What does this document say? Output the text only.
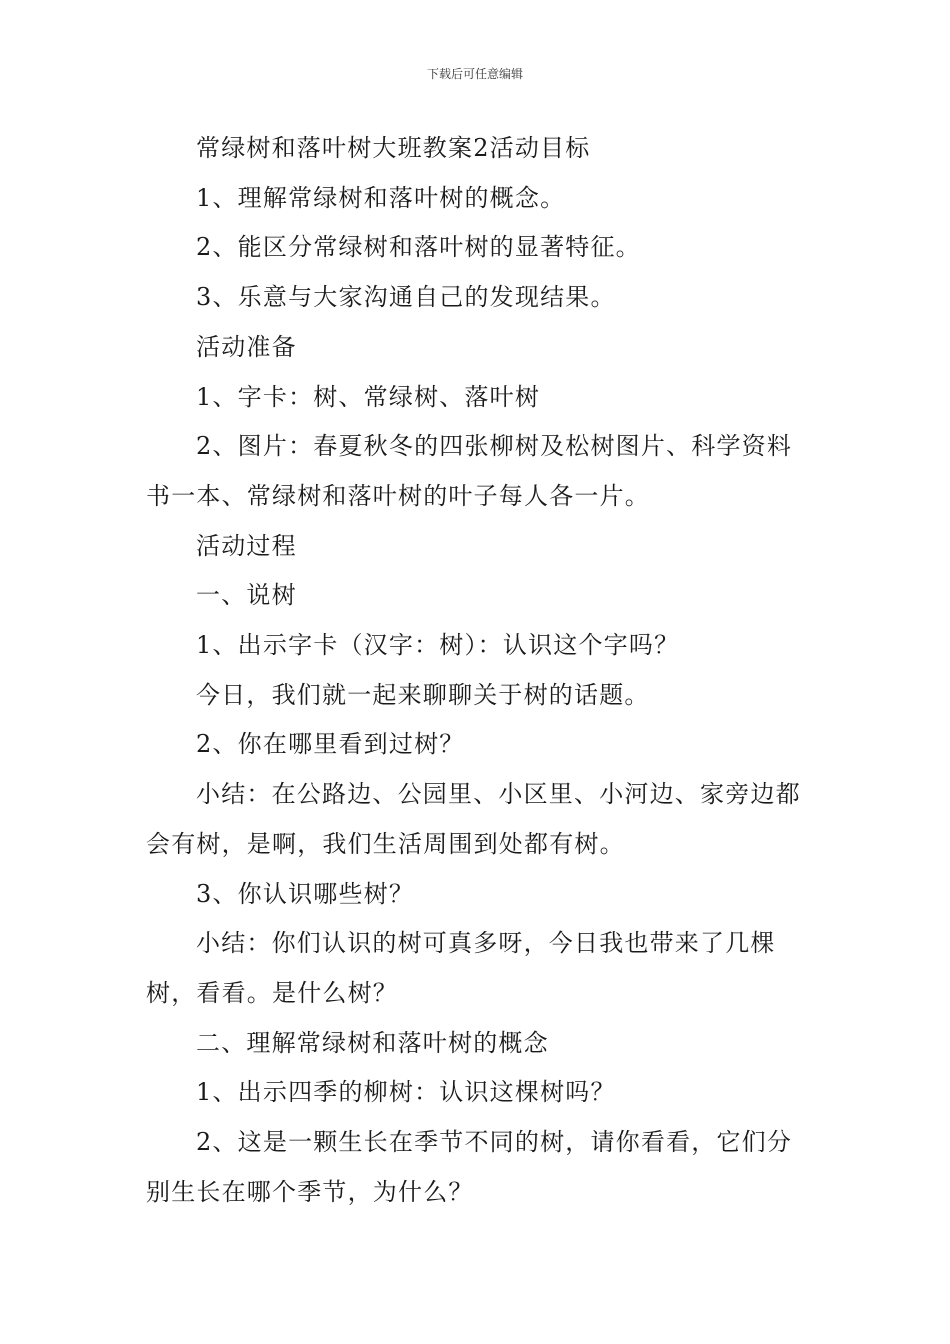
下载后可任意编辑

常绿树和落叶树大班教案2活动目标

1、理解常绿树和落叶树的概念。

2、能区分常绿树和落叶树的显著特征。

3、乐意与大家沟通自己的发现结果。

活动准备

1、字卡：树、常绿树、落叶树

2、图片：春夏秋冬的四张柳树及松树图片、科学资料书一本、常绿树和落叶树的叶子每人各一片。

活动过程

一、说树

1、出示字卡（汉字：树）：认识这个字吗？

今日，我们就一起来聊聊关于树的话题。

2、你在哪里看到过树？

小结：在公路边、公园里、小区里、小河边、家旁边都会有树，是啊，我们生活周围到处都有树。

3、你认识哪些树？

小结：你们认识的树可真多呀，今日我也带来了几棵树，看看。是什么树？

二、理解常绿树和落叶树的概念

1、出示四季的柳树：认识这棵树吗？

2、这是一颗生长在季节不同的树，请你看看，它们分别生长在哪个季节，为什么？
